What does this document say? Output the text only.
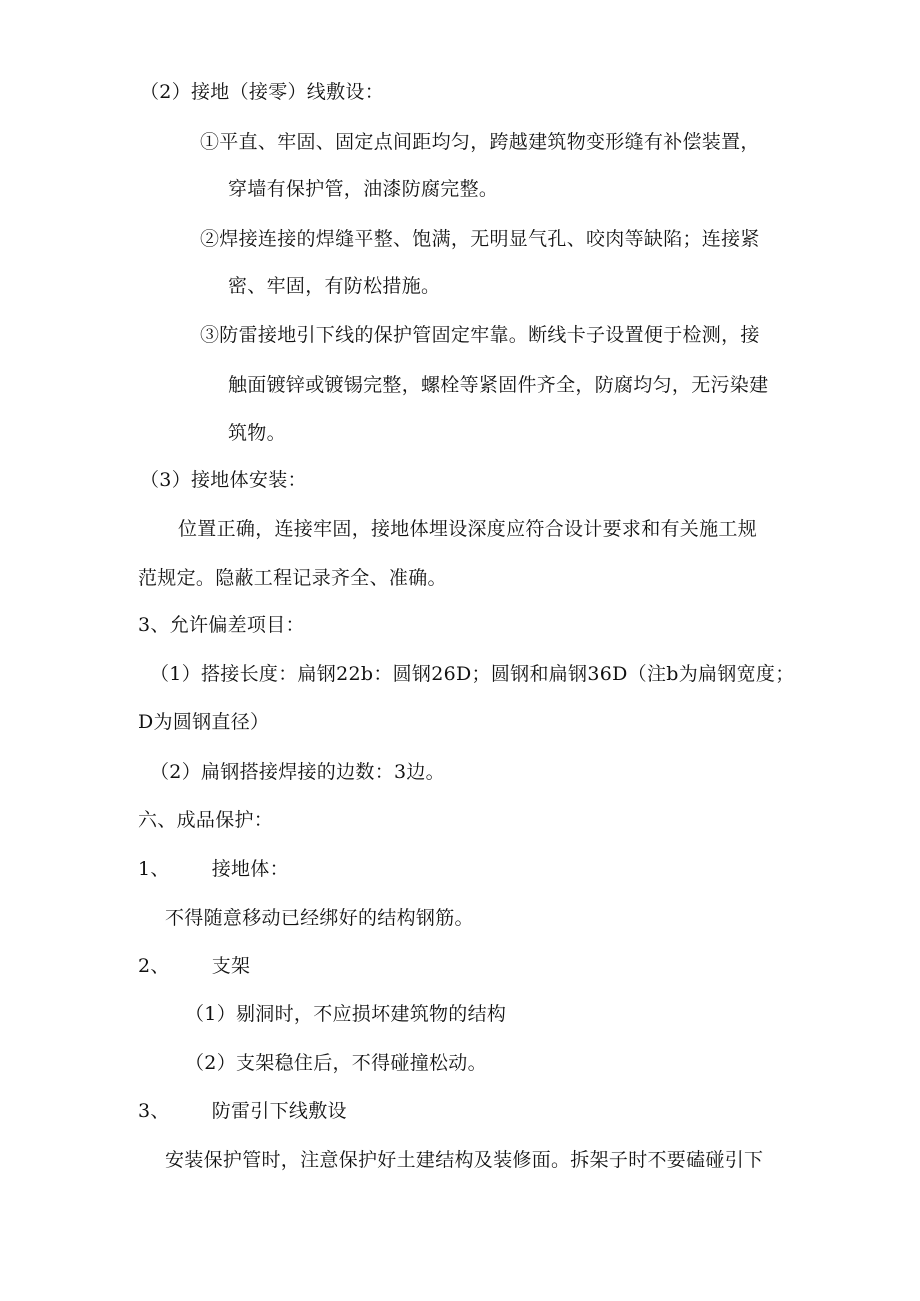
（2）接地（接零）线敷设：
①平直、牢固、固定点间距均匀，跨越建筑物变形缝有补偿装置，
穿墙有保护管，油漆防腐完整。
②焊接连接的焊缝平整、饱满，无明显气孔、咬肉等缺陷；连接紧
密、牢固，有防松措施。
③防雷接地引下线的保护管固定牢靠。断线卡子设置便于检测，接
触面镀锌或镀锡完整，螺栓等紧固件齐全，防腐均匀，无污染建
筑物。
（3）接地体安装：
位置正确，连接牢固，接地体埋设深度应符合设计要求和有关施工规
范规定。隐蔽工程记录齐全、准确。
3、允许偏差项目：
（1）搭接长度：扁钢22b：圆钢26D；圆钢和扁钢36D（注b为扁钢宽度；
D为圆钢直径）
（2）扁钢搭接焊接的边数：3边。
六、成品保护：
1、 接地体：
不得随意移动已经绑好的结构钢筋。
2、 支架
（1）剔洞时，不应损坏建筑物的结构
（2）支架稳住后，不得碰撞松动。
3、 防雷引下线敷设
安装保护管时，注意保护好土建结构及装修面。拆架子时不要磕碰引下
